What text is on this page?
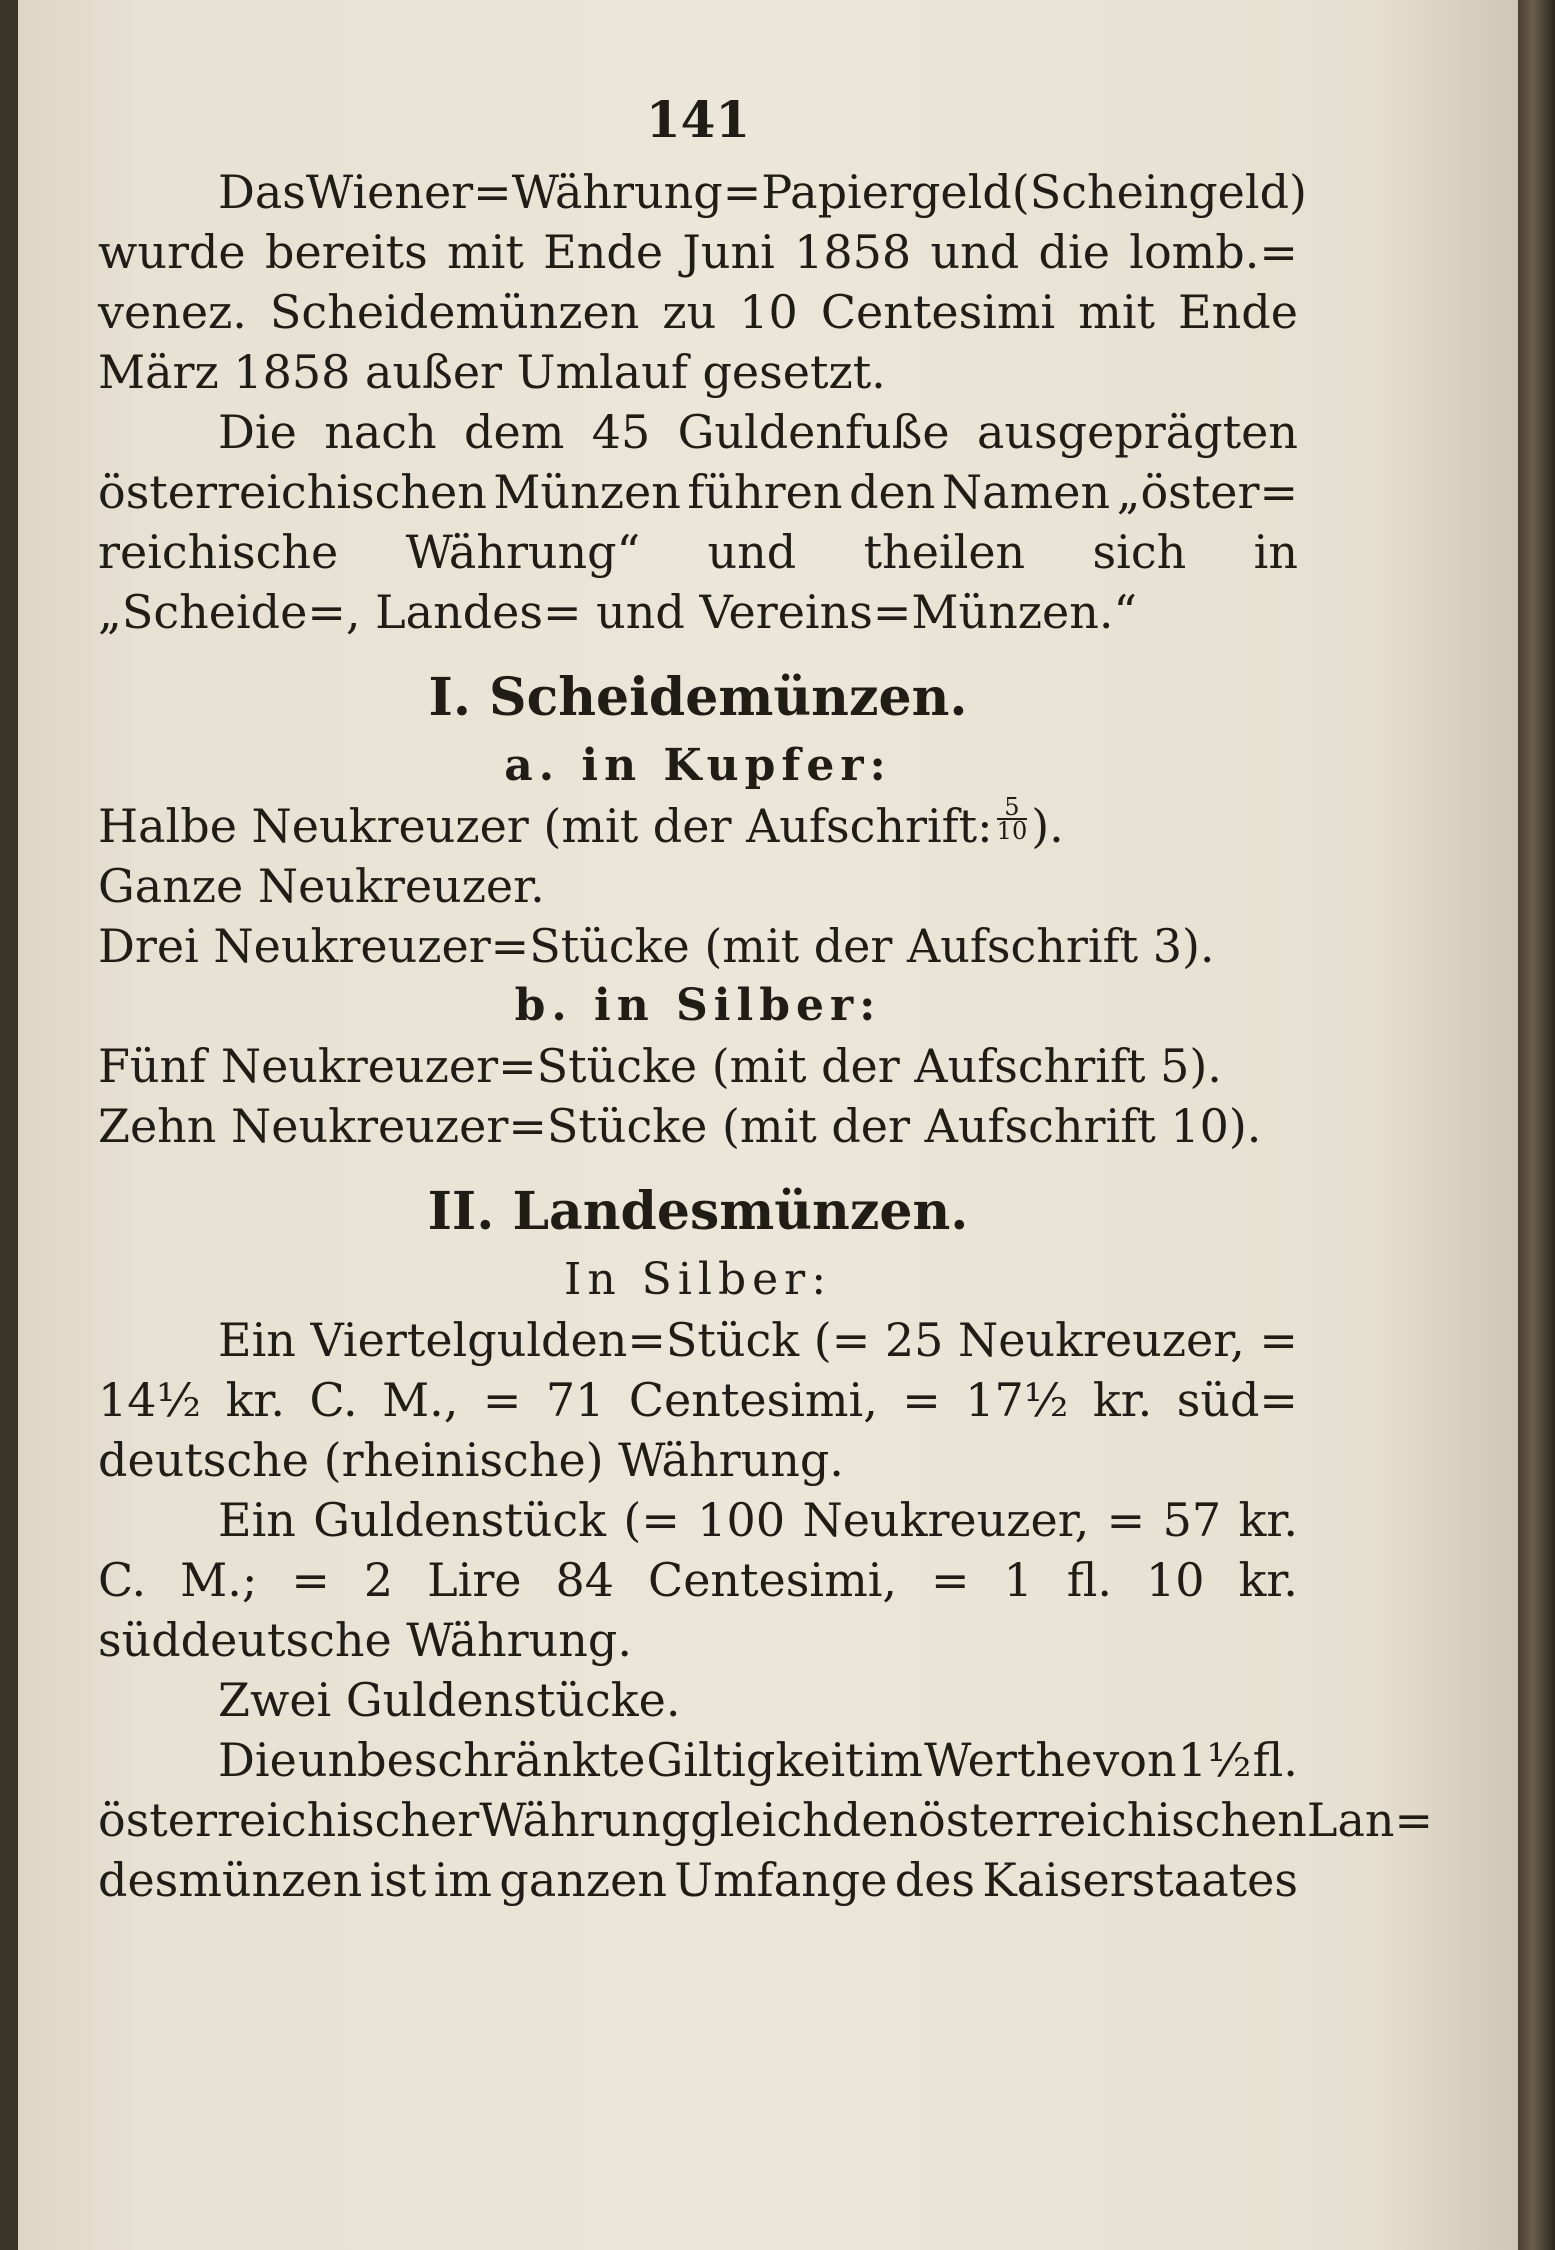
141

Das Wiener=Währung=Papiergeld (Scheingeld)
wurde bereits mit Ende Juni 1858 und die lomb.=
venez. Scheidemünzen zu 10 Centesimi mit Ende
März 1858 außer Umlauf gesetzt.

Die nach dem 45 Guldenfuße ausgeprägten
österreichischen Münzen führen den Namen „öster=
reichische Währung“ und theilen sich in
„Scheide=, Landes= und Vereins=Münzen.“

I. Scheidemünzen.
a. in Kupfer:
Halbe Neukreuzer (mit der Aufschrift: $\frac{5}{10}$ ).
Ganze Neukreuzer.
Drei Neukreuzer=Stücke (mit der Aufschrift 3).
b. in Silber:
Fünf Neukreuzer=Stücke (mit der Aufschrift 5).
Zehn Neukreuzer=Stücke (mit der Aufschrift 10).
II. Landesmünzen.
In Silber:

Ein Viertelgulden=Stück (= 25 Neukreuzer, =
14½ kr. C. M., = 71 Centesimi, = 17½ kr. süd=
deutsche (rheinische) Währung.

Ein Guldenstück (= 100 Neukreuzer, = 57 kr.
C. M.; = 2 Lire 84 Centesimi, = 1 fl. 10 kr.
süddeutsche Währung.

Zwei Guldenstücke.

Die unbeschränkte Giltigkeit im Werthe von 1½ fl.
österreichischer Währung gleich den österreichischen Lan=
desmünzen ist im ganzen Umfange des Kaiserstaates
